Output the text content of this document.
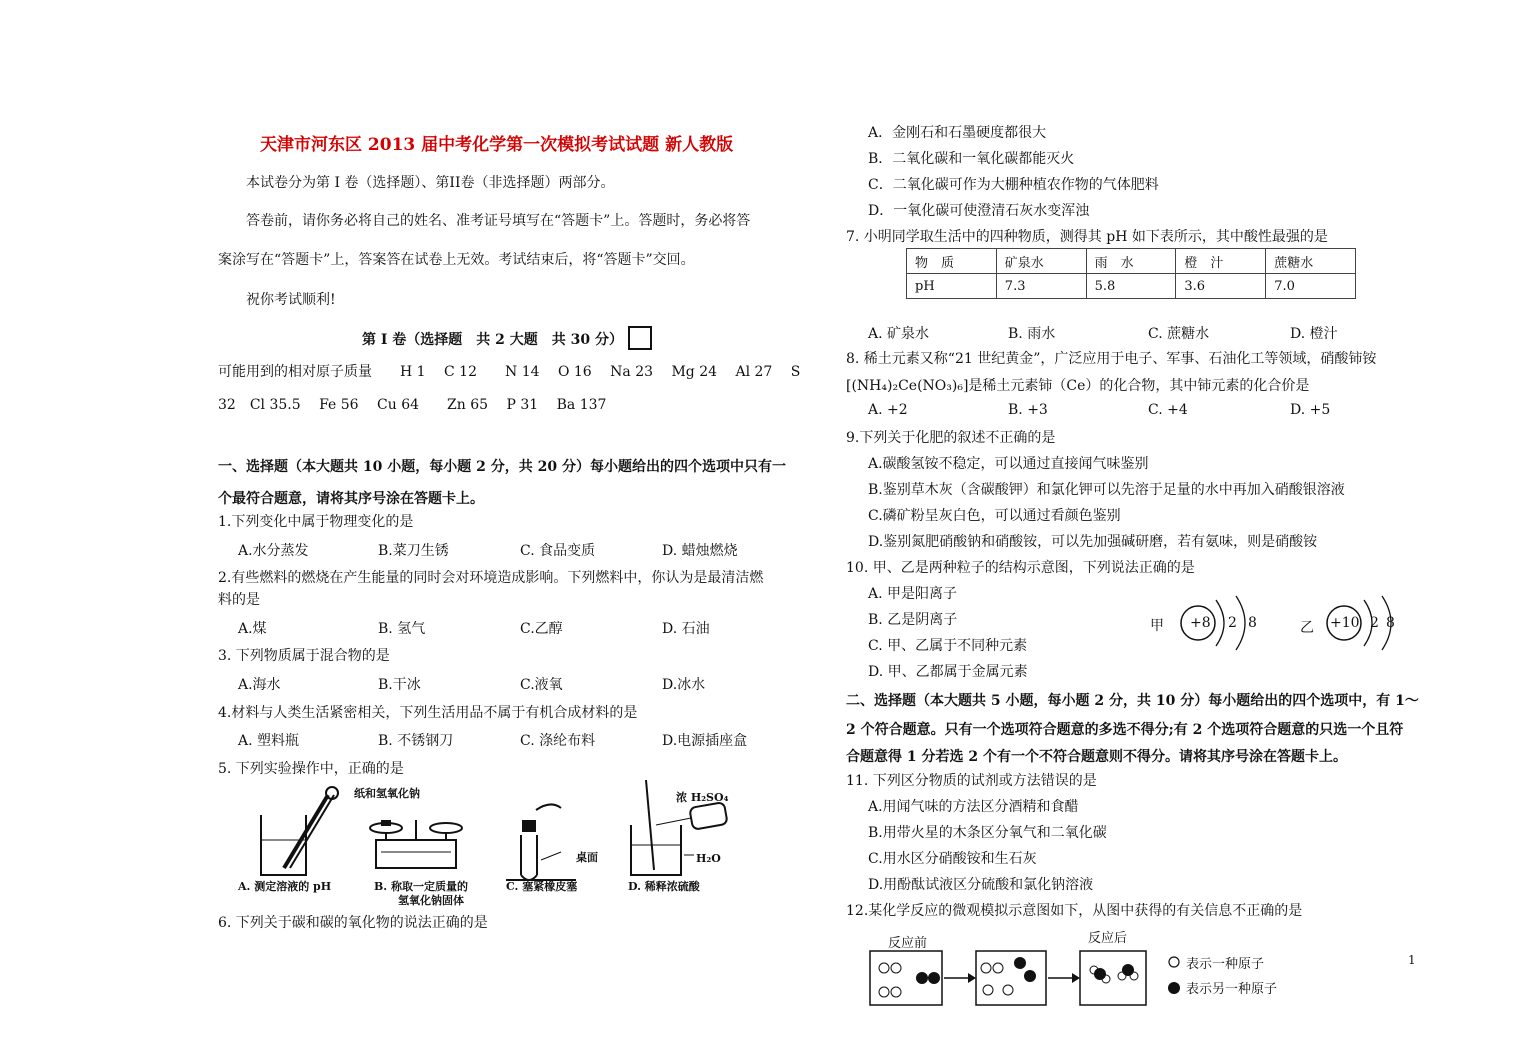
天津市河东区 2013 届中考化学第一次模拟考试试题 新人教版
本试卷分为第 I 卷（选择题）、第II卷（非选择题）两部分。
答卷前，请你务必将自己的姓名、准考证号填写在“答题卡”上。答题时，务必将答
案涂写在“答题卡”上，答案答在试卷上无效。考试结束后，将“答题卡”交回。
祝你考试顺利!
第 I 卷（选择题　共 2 大题　共 30 分）
可能用到的相对原子质量　　H 1　 C 12　　N 14　 O 16　 Na 23　 Mg 24　 Al 27　 S
32　Cl 35.5　 Fe 56　 Cu 64　　Zn 65　 P 31　 Ba 137
一、选择题（本大题共 10 小题，每小题 2 分，共 20 分）每小题给出的四个选项中只有一
个最符合题意，请将其序号涂在答题卡上。
1.下列变化中属于物理变化的是
A.水分蒸发	B.菜刀生锈	C. 食品变质	D. 蜡烛燃烧
2.有些燃料的燃烧在产生能量的同时会对环境造成影响。下列燃料中，你认为是最清洁燃
料的是
A.煤	B. 氢气	C.乙醇	D. 石油
3. 下列物质属于混合物的是
A.海水	B.干冰	C.液氧	D.冰水
4.材料与人类生活紧密相关，下列生活用品不属于有机合成材料的是
A. 塑料瓶	B. 不锈钢刀	C. 涤纶布料	D.电源插座盒
5. 下列实验操作中，正确的是
纸和氢氧化钠	浓 H₂SO₄
桌面	H₂O
A. 测定溶液的 pH	B. 称取一定质量的
氢氧化钠固体
C. 塞紧橡皮塞	D. 稀释浓硫酸
6. 下列关于碳和碳的氧化物的说法正确的是
A．金刚石和石墨硬度都很大
B．二氧化碳和一氧化碳都能灭火
C．二氧化碳可作为大棚种植农作物的气体肥料
D．一氧化碳可使澄清石灰水变浑浊
7. 小明同学取生活中的四种物质，测得其 pH 如下表所示，其中酸性最强的是
物　质	矿泉水	雨　水	橙　汁	蔗糖水
pH	7.3	5.8	3.6	7.0
A. 矿泉水	B. 雨水	C. 蔗糖水	D. 橙汁
8. 稀土元素又称“21 世纪黄金”，广泛应用于电子、军事、石油化工等领域，硝酸铈铵
[(NH₄)₂Ce(NO₃)₆]是稀土元素铈（Ce）的化合物，其中铈元素的化合价是
A. +2	B. +3	C. +4	D. +5
9.下列关于化肥的叙述不正确的是
A.碳酸氢铵不稳定，可以通过直接闻气味鉴别
B.鉴别草木灰（含碳酸钾）和氯化钾可以先溶于足量的水中再加入硝酸银溶液
C.磷矿粉呈灰白色，可以通过看颜色鉴别
D.鉴别氮肥硝酸钠和硝酸铵，可以先加强碱研磨，若有氨味，则是硝酸铵
10. 甲、乙是两种粒子的结构示意图，下列说法正确的是
A. 甲是阳离子
B. 乙是阴离子
C. 甲、乙属于不同种元素
D. 甲、乙都属于金属元素
甲 +8 2 8	乙 +10 2 8
二、选择题（本大题共 5 小题，每小题 2 分，共 10 分）每小题给出的四个选项中，有 1～
2 个符合题意。只有一个选项符合题意的多选不得分;有 2 个选项符合题意的只选一个且符
合题意得 1 分若选 2 个有一个不符合题意则不得分。请将其序号涂在答题卡上。
11. 下列区分物质的试剂或方法错误的是
A.用闻气味的方法区分酒精和食醋
B.用带火星的木条区分氧气和二氧化碳
C.用水区分硝酸铵和生石灰
D.用酚酞试液区分硫酸和氯化钠溶液
12.某化学反应的微观模拟示意图如下，从图中获得的有关信息不正确的是
反应前	反应后
表示一种原子
表示另一种原子
1
